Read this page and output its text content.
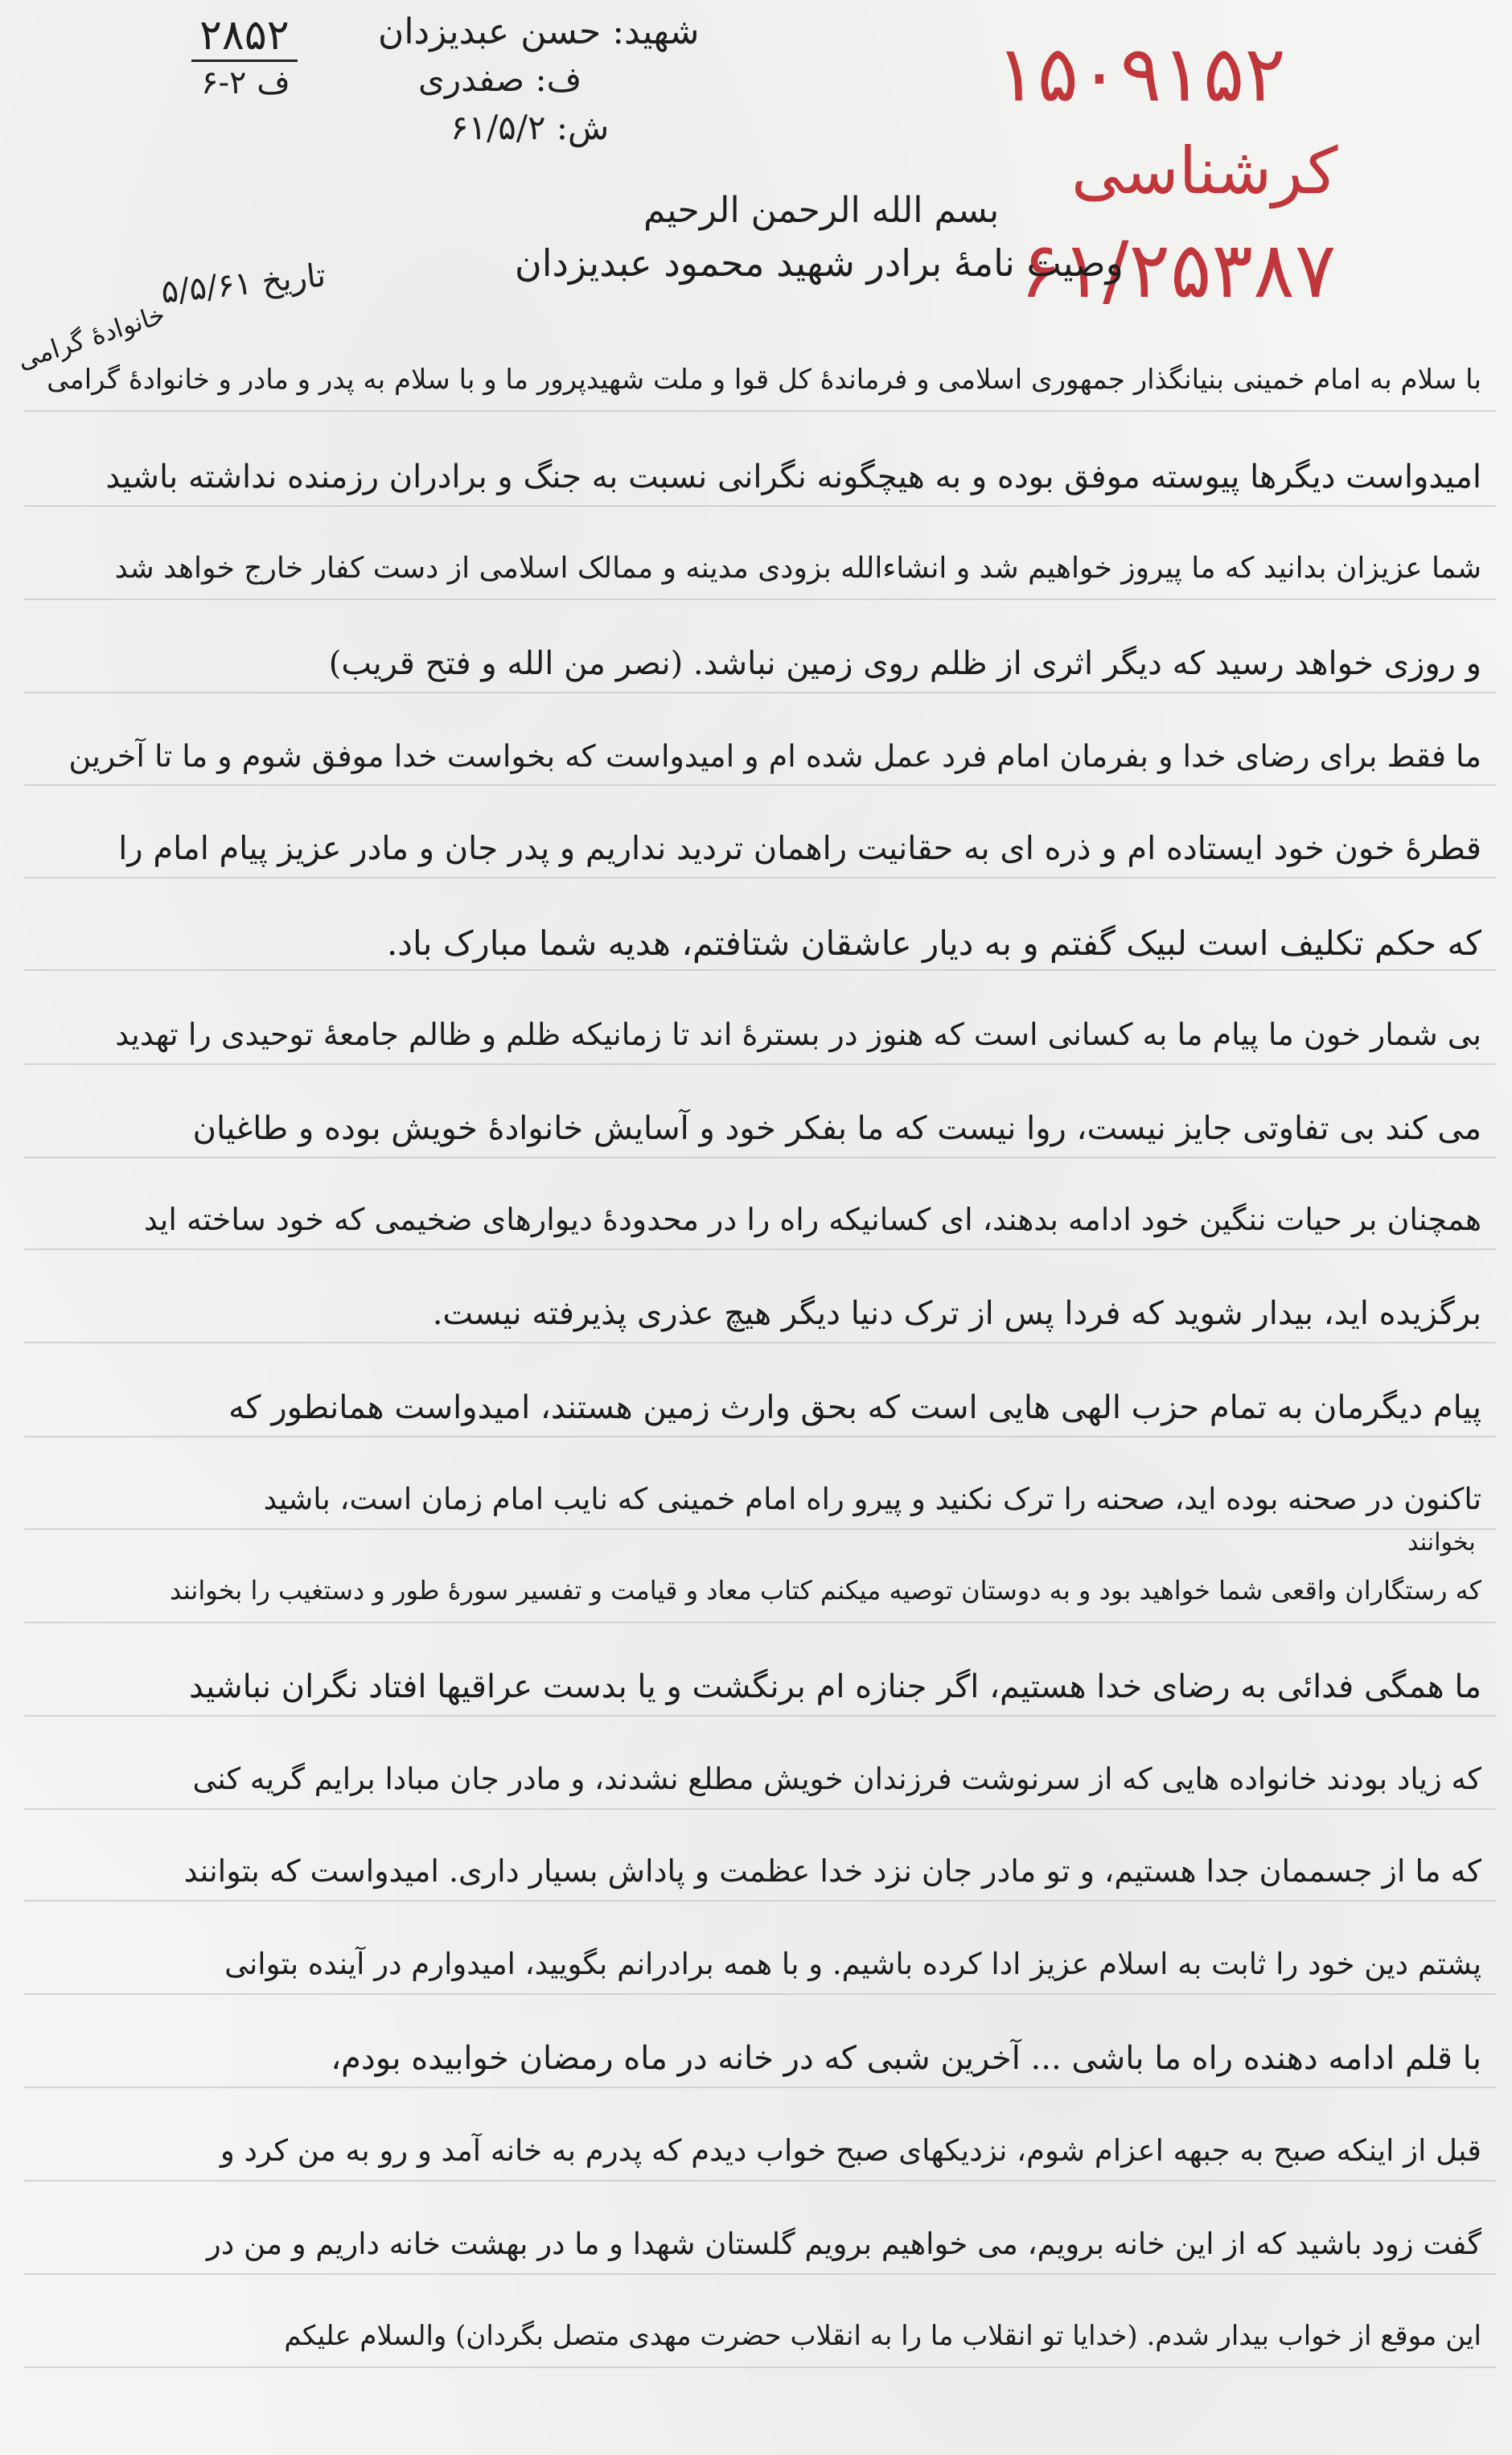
۲۸۵۲
ف ۲-۶
شهید: حسن عبدیزدان
ف: صفدری
ش: ۶۱/۵/۲
۱۵۰۹۱۵۲
کرشناسی
۶۱/۲۵۳۸۷
بسم الله الرحمن الرحیم
وصیت نامهٔ برادر شهید محمود عبدیزدان
تاریخ ۵/۵/۶۱
با سلام به امام خمینی بنیانگذار جمهوری اسلامی و فرماندهٔ کل قوا و ملت شهیدپرور ما و با سلام به پدر و مادر و خانوادهٔ گرامی
امیدواست دیگرها پیوسته موفق بوده و به هیچگونه نگرانی نسبت به جنگ و برادران رزمنده نداشته باشید
شما عزیزان بدانید که ما پیروز خواهیم شد و انشاءالله بزودی مدینه و ممالک اسلامی از دست کفار خارج خواهد شد
و روزی خواهد رسید که دیگر اثری از ظلم روی زمین نباشد. (نصر من الله و فتح قریب)
ما فقط برای رضای خدا و بفرمان امام فرد عمل شده ام و امیدواست که بخواست خدا موفق شوم و ما تا آخرین
قطرهٔ خون خود ایستاده ام و ذره ای به حقانیت راهمان تردید نداریم و پدر جان و مادر عزیز پیام امام را
که حکم تکلیف است لبیک گفتم و به دیار عاشقان شتافتم، هدیه شما مبارک باد.
بی شمار خون ما پیام ما به کسانی است که هنوز در بسترهٔ اند تا زمانیکه ظلم و ظالم جامعهٔ توحیدی را تهدید
می کند بی تفاوتی جایز نیست، روا نیست که ما بفکر خود و آسایش خانوادهٔ خویش بوده و طاغیان
همچنان بر حیات ننگین خود ادامه بدهند، ای کسانیکه راه را در محدودهٔ دیوارهای ضخیمی که خود ساخته اید
برگزیده اید، بیدار شوید که فردا پس از ترک دنیا دیگر هیچ عذری پذیرفته نیست.
پیام دیگرمان به تمام حزب الهی هایی است که بحق وارث زمین هستند، امیدواست همانطور که
تاکنون در صحنه بوده اید، صحنه را ترک نکنید و پیرو راه امام خمینی که نایب امام زمان است، باشید
که رستگاران واقعی شما خواهید بود و به دوستان توصیه میکنم کتاب معاد و قیامت و تفسیر سورهٔ طور و دستغیب را بخوانند
ما همگی فدائی به رضای خدا هستیم، اگر جنازه ام برنگشت و یا بدست عراقیها افتاد نگران نباشید
که زیاد بودند خانواده هایی که از سرنوشت فرزندان خویش مطلع نشدند، و مادر جان مبادا برایم گریه کنی
که ما از جسممان جدا هستیم، و تو مادر جان نزد خدا عظمت و پاداش بسیار داری. امیدواست که بتوانند
پشتم دین خود را ثابت به اسلام عزیز ادا کرده باشیم. و با همه برادرانم بگویید، امیدوارم در آینده بتوانی
با قلم ادامه دهنده راه ما باشی ... آخرین شبی که در خانه در ماه رمضان خوابیده بودم،
قبل از اینکه صبح به جبهه اعزام شوم، نزدیکهای صبح خواب دیدم که پدرم به خانه آمد و رو به من کرد و
گفت زود باشید که از این خانه برویم، می خواهیم برویم گلستان شهدا و ما در بهشت خانه داریم و من در
این موقع از خواب بیدار شدم. (خدایا تو انقلاب ما را به انقلاب حضرت مهدی متصل بگردان) والسلام علیکم
خانوادهٔ گرامی
بخوانند
